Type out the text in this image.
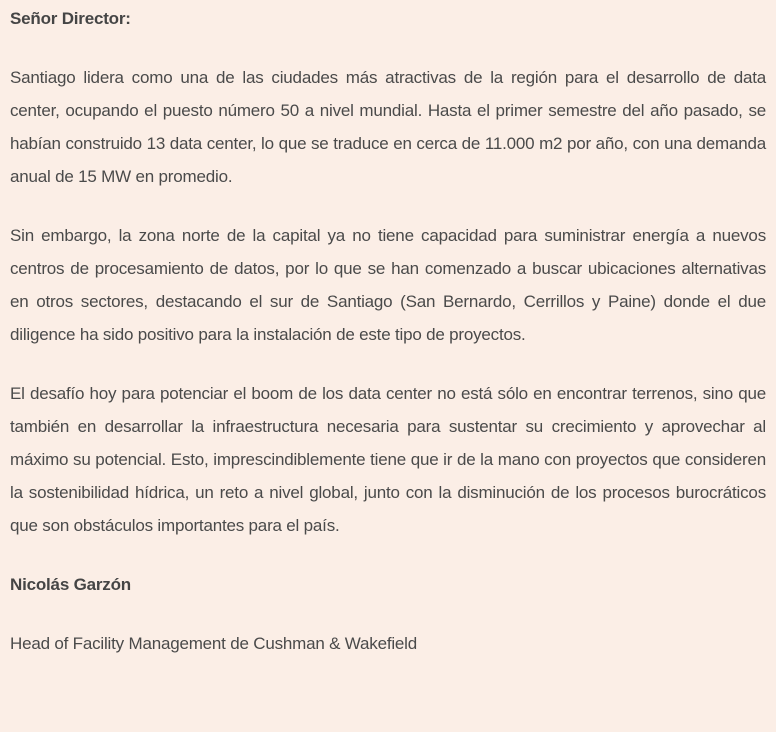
Señor Director:

Santiago lidera como una de las ciudades más atractivas de la región para el desarrollo de data center, ocupando el puesto número 50 a nivel mundial. Hasta el primer semestre del año pasado, se habían construido 13 data center, lo que se traduce en cerca de 11.000 m2 por año, con una demanda anual de 15 MW en promedio.

Sin embargo, la zona norte de la capital ya no tiene capacidad para suministrar energía a nuevos centros de procesamiento de datos, por lo que se han comenzado a buscar ubicaciones alternativas en otros sectores, destacando el sur de Santiago (San Bernardo, Cerrillos y Paine) donde el due diligence ha sido positivo para la instalación de este tipo de proyectos.

El desafío hoy para potenciar el boom de los data center no está sólo en encontrar terrenos, sino que también en desarrollar la infraestructura necesaria para sustentar su crecimiento y aprovechar al máximo su potencial. Esto, imprescindiblemente tiene que ir de la mano con proyectos que consideren la sostenibilidad hídrica, un reto a nivel global, junto con la disminución de los procesos burocráticos que son obstáculos importantes para el país.

Nicolás Garzón

Head of Facility Management de Cushman & Wakefield
